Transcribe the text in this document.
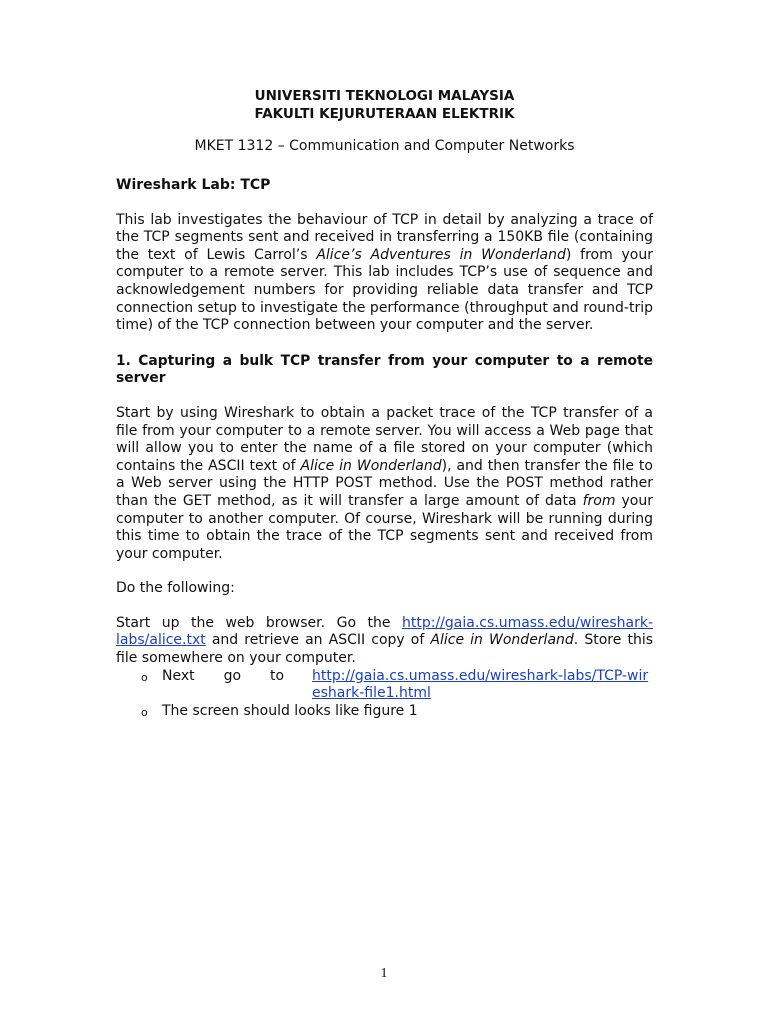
UNIVERSITI TEKNOLOGI MALAYSIA

FAKULTI KEJURUTERAAN ELEKTRIK

MKET 1312 – Communication and Computer Networks

Wireshark Lab: TCP

This lab investigates the behaviour of TCP in detail by analyzing a trace of the TCP segments sent and received in transferring a 150KB file (containing the text of Lewis Carrol’s Alice’s Adventures in Wonderland) from your computer to a remote server. This lab includes TCP’s use of sequence and acknowledgement numbers for providing reliable data transfer and TCP connection setup to investigate the performance (throughput and round-trip time) of the TCP connection between your computer and the server.

1. Capturing a bulk TCP transfer from your computer to a remote server

Start by using Wireshark to obtain a packet trace of the TCP transfer of a file from your computer to a remote server. You will access a Web page that will allow you to enter the name of a file stored on your computer (which contains the ASCII text of Alice in Wonderland), and then transfer the file to a Web server using the HTTP POST method. Use the POST method rather than the GET method, as it will transfer a large amount of data from your computer to another computer. Of course, Wireshark will be running during this time to obtain the trace of the TCP segments sent and received from your computer.

Do the following:

Start up the web browser. Go the http://gaia.cs.umass.edu/wireshark-labs/alice.txt and retrieve an ASCII copy of Alice in Wonderland. Store this file somewhere on your computer.

o Next go to http://gaia.cs.umass.edu/wireshark-labs/TCP-wireshark-file1.html
o The screen should looks like figure 1
1
